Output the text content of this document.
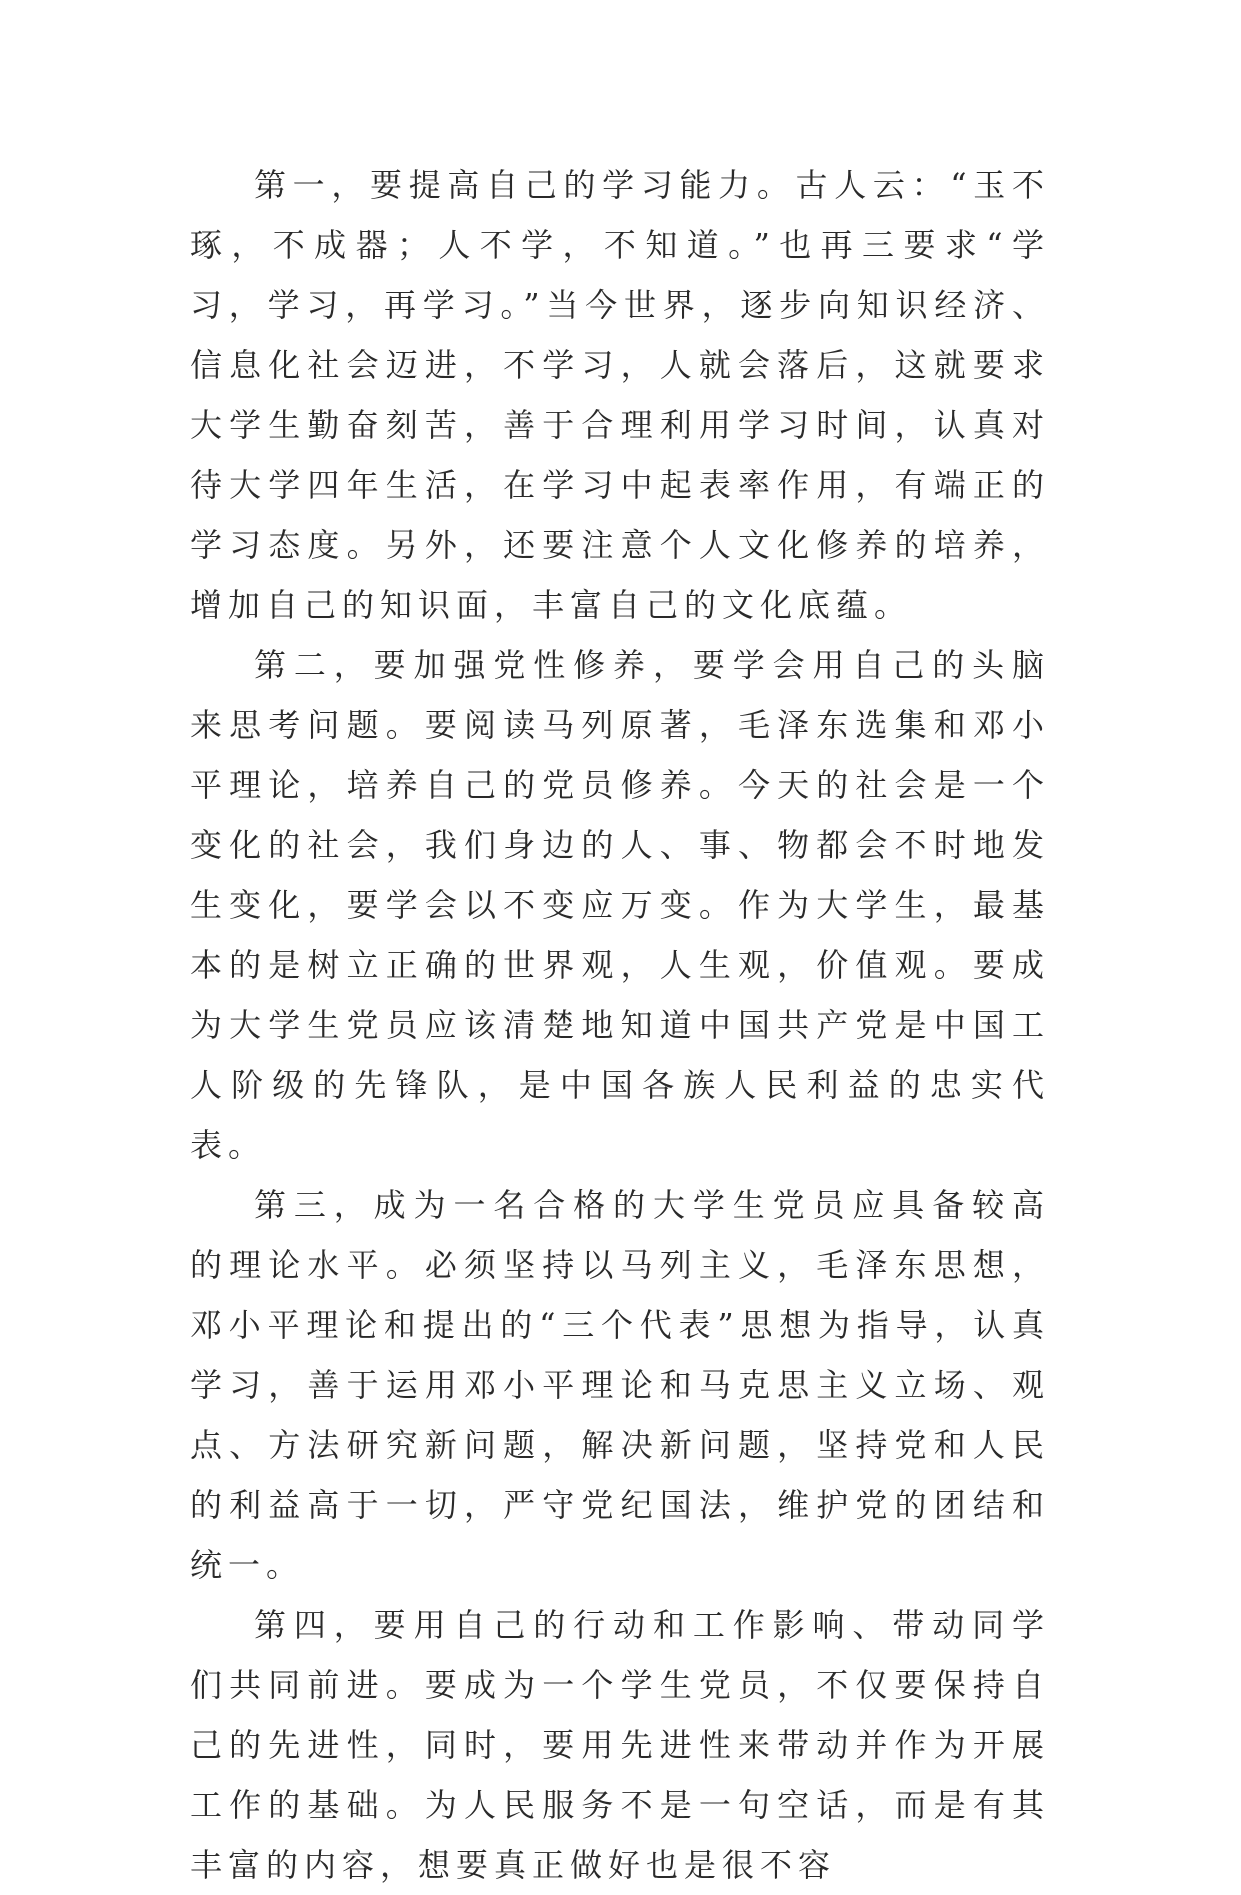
第一，要提高自己的学习能力。古人云：“玉不琢，不成器；人不学，不知道。”也再三要求“学习，学习，再学习。”当今世界，逐步向知识经济、信息化社会迈进，不学习，人就会落后，这就要求大学生勤奋刻苦，善于合理利用学习时间，认真对待大学四年生活，在学习中起表率作用，有端正的学习态度。另外，还要注意个人文化修养的培养，增加自己的知识面，丰富自己的文化底蕴。

第二，要加强党性修养，要学会用自己的头脑来思考问题。要阅读马列原著，毛泽东选集和邓小平理论，培养自己的党员修养。今天的社会是一个变化的社会，我们身边的人、事、物都会不时地发生变化，要学会以不变应万变。作为大学生，最基本的是树立正确的世界观，人生观，价值观。要成为大学生党员应该清楚地知道中国共产党是中国工人阶级的先锋队，是中国各族人民利益的忠实代表。

第三，成为一名合格的大学生党员应具备较高的理论水平。必须坚持以马列主义，毛泽东思想，邓小平理论和提出的“三个代表”思想为指导，认真学习，善于运用邓小平理论和马克思主义立场、观点、方法研究新问题，解决新问题，坚持党和人民的利益高于一切，严守党纪国法，维护党的团结和统一。

第四，要用自己的行动和工作影响、带动同学们共同前进。要成为一个学生党员，不仅要保持自己的先进性，同时，要用先进性来带动并作为开展工作的基础。为人民服务不是一句空话，而是有其丰富的内容，想要真正做好也是很不容
